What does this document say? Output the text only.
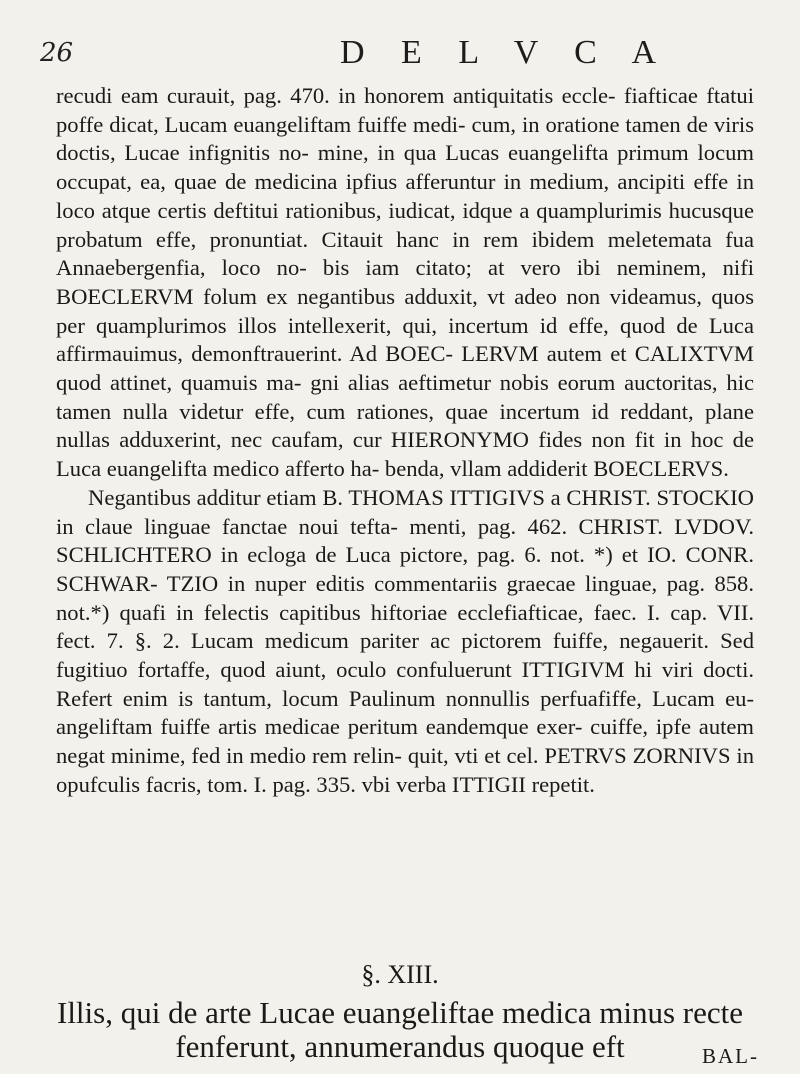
26	D E L V C A

recudi eam curauit, pag. 470. in honorem antiquitatis eccle- fiafticae ftatui poffe dicat, Lucam euangeliftam fuiffe medi- cum, in oratione tamen de viris doctis, Lucae infignitis no- mine, in qua Lucas euangelifta primum locum occupat, ea, quae de medicina ipfius afferuntur in medium, ancipiti effe in loco atque certis deftitui rationibus, iudicat, idque a quamplurimis hucusque probatum effe, pronuntiat. Citauit hanc in rem ibidem meletemata fua Annaebergenfia, loco no- bis iam citato; at vero ibi neminem, nifi BOECLERVM folum ex negantibus adduxit, vt adeo non videamus, quos per quamplurimos illos intellexerit, qui, incertum id effe, quod de Luca affirmauimus, demonftrauerint. Ad BOEC- LERVM autem et CALIXTVM quod attinet, quamuis ma- gni alias aeftimetur nobis eorum auctoritas, hic tamen nulla videtur effe, cum rationes, quae incertum id reddant, plane nullas adduxerint, nec caufam, cur HIERONYMO fides non fit in hoc de Luca euangelifta medico afferto ha- benda, vllam addiderit BOECLERVS.

Negantibus additur etiam B. THOMAS ITTIGIVS a CHRIST. STOCKIO in claue linguae fanctae noui tefta- menti, pag. 462. CHRIST. LVDOV. SCHLICHTERO in ecloga de Luca pictore, pag. 6. not. *) et IO. CONR. SCHWAR- TZIO in nuper editis commentariis graecae linguae, pag. 858. not.*) quafi in felectis capitibus hiftoriae ecclefiafticae, faec. I. cap. VII. fect. 7. §. 2. Lucam medicum pariter ac pictorem fuiffe, negauerit. Sed fugitiuo fortaffe, quod aiunt, oculo confuluerunt ITTIGIVM hi viri docti. Refert enim is tantum, locum Paulinum nonnullis perfuafiffe, Lucam eu- angeliftam fuiffe artis medicae peritum eandemque exer- cuiffe, ipfe autem negat minime, fed in medio rem relin- quit, vti et cel. PETRVS ZORNIVS in opufculis facris, tom. I. pag. 335. vbi verba ITTIGII repetit.

§. XIII.
Illis, qui de arte Lucae euangeliftae medica minus recte fenferunt, annumerandus quoque eft	BAL-
